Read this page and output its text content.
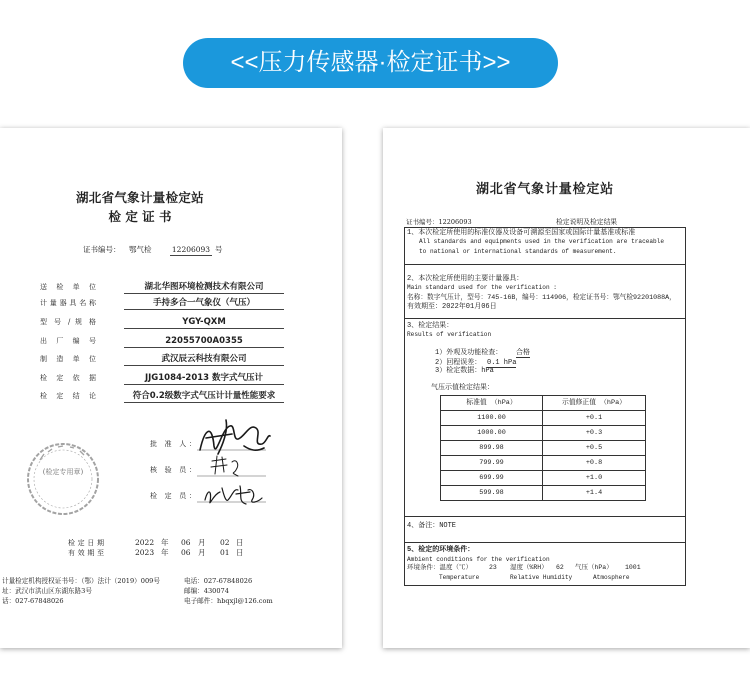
<<压力传感器·检定证书>>
湖北省气象计量检定站
检 定 证 书
证书编号： 鄂气检	12206093 号
送 检 单 位	湖北华图环境检测技术有限公司
计 量 器 具 名 称	手持多合一气象仪（气压）
型 号 / 规 格	YGY-QXM
出 厂 编 号	22055700A0355
制 造 单 位	武汉辰云科技有限公司
检 定 依 据	JJG1084-2013 数字式气压计
检 定 结 论	符合0.2级数字式气压计计量性能要求
批 准 人：
核 验 员：
检 定 员：
(检定专用章)
检 定 日 期	2022 年 06 月 02 日
有 效 期 至	2023 年 06 月 01 日
计量检定机构授权证书号：（鄂）法计（2019）009号	电话：027-67848026
址：武汉市洪山区东湖东路3号	邮编：430074
话：027-67848026	电子邮件：hbqxjl@126.com
湖北省气象计量检定站
证书编号：12206093	检定说明及检定结果
1、本次检定所使用的标准仪器及设备可溯源至国家或国际计量基准或标准
All standards and equipments used in the verification are traceable
to national or international standards of measurement.
2、本次检定所使用的主要计量器具：
Main standard used for the verification :
名称：数字气压计，型号：745-16B，编号：114906，检定证书号：鄂气检92201088A，
有效期至：2022年01月06日
3、检定结果：
Results of verification
1）外观及功能检查： 合格
2）回程误差： 0.1 hPa
3）检定数据：hPa
气压示值检定结果：
标准值 （hPa）	示值修正值 （hPa）
1100.00	+0.1
1000.00	+0.3
899.98	+0.5
799.99	+0.8
699.99	+1.0
599.98	+1.4
4、备注：NOTE
5、检定的环境条件：
Ambient conditions for the verification
环境条件：温度（℃）	23 湿度（%RH） 62 气压（hPa） 1001
Temperature	Relative Humidity	Atmosphere
